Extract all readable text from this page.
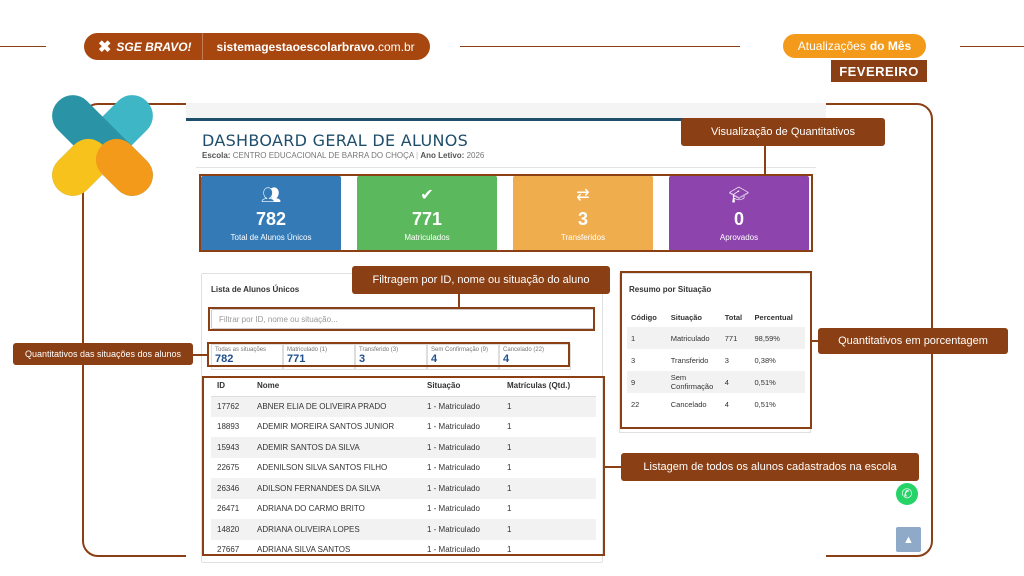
✖ SGE BRAVO!	sistemagestaoescolarbravo.com.br	Atualizações do Mês
FEVEREIRO
DASHBOARD GERAL DE ALUNOS
Escola: CENTRO EDUCACIONAL DE BARRA DO CHOÇA | Ano Letivo: 2026
👥︎
782
Total de Alunos Únicos
✔
771
Matriculados
⇄
3
Transferidos
🎓︎
0
Aprovados
Lista de Alunos Únicos
Filtrar por ID, nome ou situação...
Todas as situações
782
Matriculado (1)
771
Transferido (3)
3
Sem Confirmação (9)
4
Cancelado (22)
4
ID	Nome	Situação	Matrículas (Qtd.)
17762	ABNER ELIA DE OLIVEIRA PRADO	1 - Matriculado	1
18893	ADEMIR MOREIRA SANTOS JUNIOR	1 - Matriculado	1
15943	ADEMIR SANTOS DA SILVA	1 - Matriculado	1
22675	ADENILSON SILVA SANTOS FILHO	1 - Matriculado	1
26346	ADILSON FERNANDES DA SILVA	1 - Matriculado	1
26471	ADRIANA DO CARMO BRITO	1 - Matriculado	1
14820	ADRIANA OLIVEIRA LOPES	1 - Matriculado	1
27667	ADRIANA SILVA SANTOS	1 - Matriculado	1
Resumo por Situação
Código	Situação	Total	Percentual
1	Matriculado	771	98,59%
3	Transferido	3	0,38%
9	Sem Confirmação	4	0,51%
22	Cancelado	4	0,51%
Visualização de Quantitativos
Filtragem por ID, nome ou situação do aluno
Quantitativos das situações dos alunos
Quantitativos em porcentagem
Listagem de todos os alunos cadastrados na escola
✆
▲
